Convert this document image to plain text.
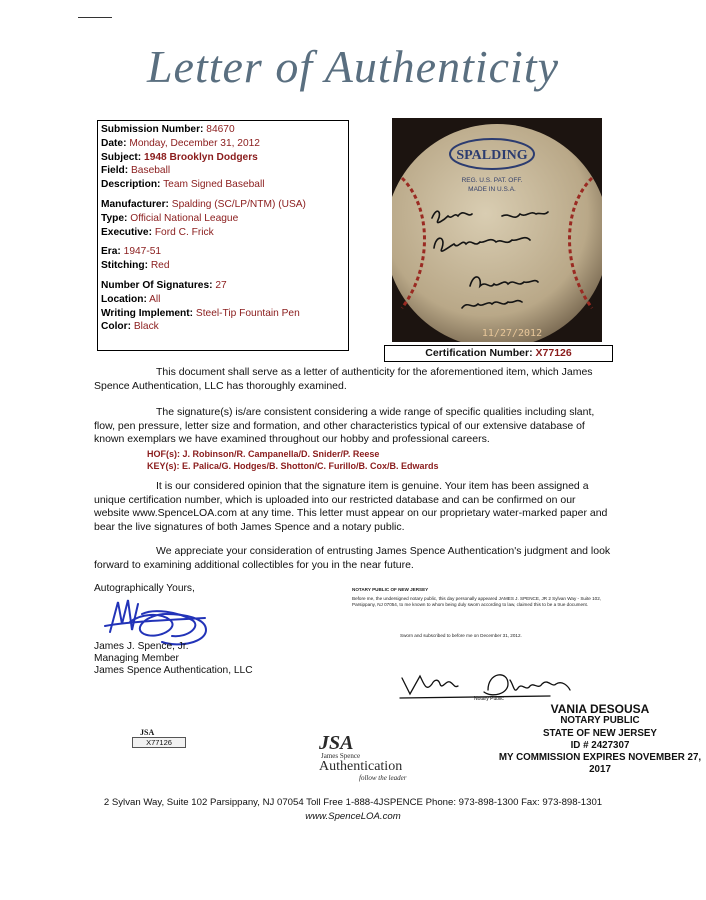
Letter of Authenticity
Submission Number: 84670
Date: Monday, December 31, 2012
Subject: 1948 Brooklyn Dodgers
Field: Baseball
Description: Team Signed Baseball
Manufacturer: Spalding (SC/LP/NTM) (USA)
Type: Official National League
Executive: Ford C. Frick
Era: 1947-51
Stitching: Red
Number Of Signatures: 27
Location: All
Writing Implement: Steel-Tip Fountain Pen
Color: Black
SPALDING
REG. U.S. PAT. OFF.
MADE IN U.S.A.
11/27/2012
Certification Number: X77126
This document shall serve as a letter of authenticity for the aforementioned item, which James Spence Authentication, LLC has thoroughly examined.
The signature(s) is/are consistent considering a wide range of specific qualities including slant, flow, pen pressure, letter size and formation, and other characteristics typical of our extensive database of known exemplars we have examined throughout our hobby and professional careers.
HOF(s): J. Robinson/R. Campanella/D. Snider/P. Reese
KEY(s): E. Palica/G. Hodges/B. Shotton/C. Furillo/B. Cox/B. Edwards
It is our considered opinion that the signature item is genuine. Your item has been assigned a unique certification number, which is uploaded into our restricted database and can be confirmed on our website www.SpenceLOA.com at any time. This letter must appear on our proprietary water-marked paper and bear the live signatures of both James Spence and a notary public.
We appreciate your consideration of entrusting James Spence Authentication's judgment and look forward to examining additional collectibles for you in the near future.
Autographically Yours,
James J. Spence, Jr.
Managing Member
James Spence Authentication, LLC
NOTARY PUBLIC OF NEW JERSEY
Before me, the undersigned notary public, this day personally appeared JAMES J. SPENCE, JR 2 Sylvan Way - Suite 102, Parsippany, NJ 07054, to me known to whom being duly sworn according to law, claimed this to be a true document.
Sworn and subscribed to before me on December 31, 2012.
Notary Public
VANIA DESOUSA
NOTARY PUBLIC
STATE OF NEW JERSEY
ID # 2427307
MY COMMISSION EXPIRES NOVEMBER 27, 2017
JSA
X77126	JSA
James Spence
Authentication
follow the leader
2 Sylvan Way, Suite 102 Parsippany, NJ 07054 Toll Free 1-888-4JSPENCE Phone: 973-898-1300 Fax: 973-898-1301
www.SpenceLOA.com
